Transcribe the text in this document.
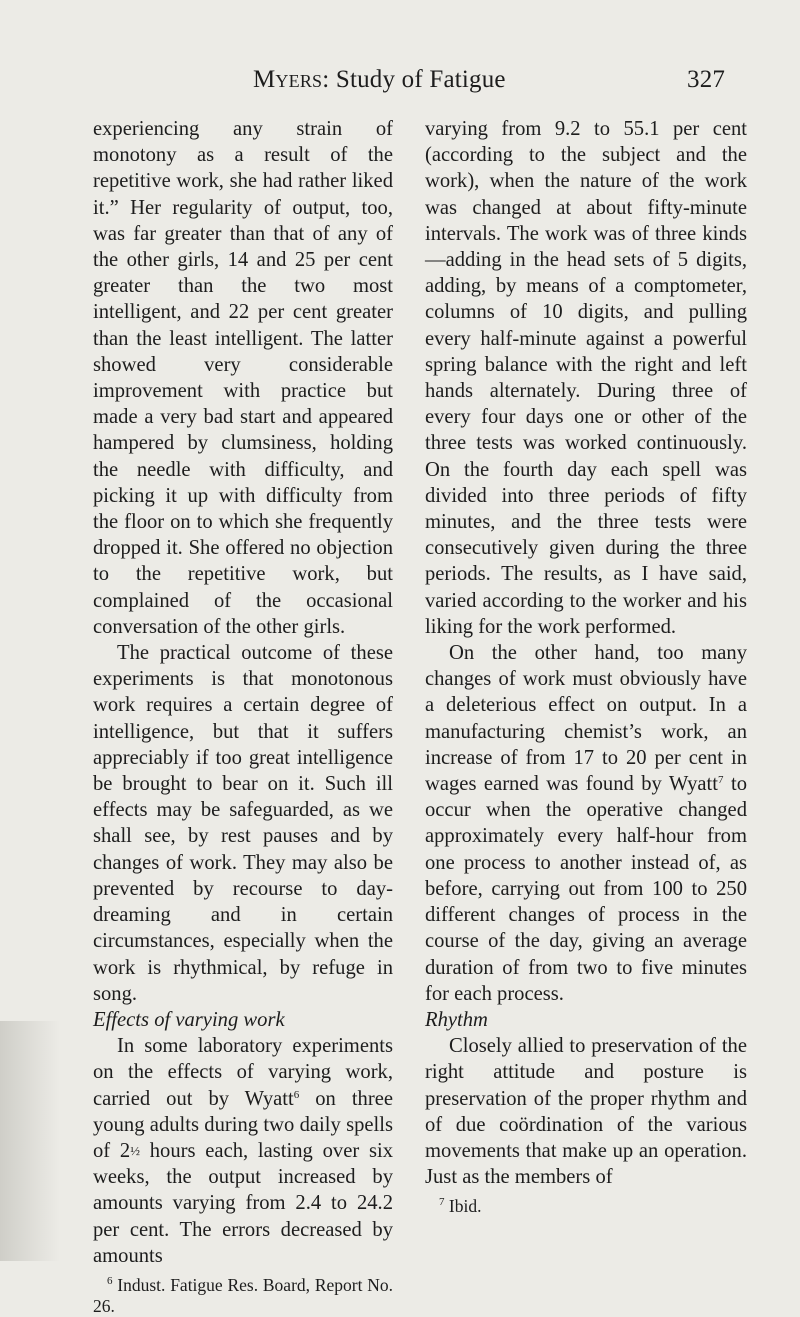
Myers: Study of Fatigue	327

experiencing any strain of monotony as a result of the repetitive work, she had rather liked it.” Her regularity of output, too, was far greater than that of any of the other girls, 14 and 25 per cent greater than the two most intelligent, and 22 per cent greater than the least intelligent. The latter showed very considerable improvement with practice but made a very bad start and appeared hampered by clumsiness, holding the needle with difficulty, and picking it up with difficulty from the floor on to which she frequently dropped it. She offered no objection to the repetitive work, but complained of the occasional conversation of the other girls.

The practical outcome of these experiments is that monotonous work requires a certain degree of intelligence, but that it suffers appreciably if too great intelligence be brought to bear on it. Such ill effects may be safeguarded, as we shall see, by rest pauses and by changes of work. They may also be prevented by recourse to day-dreaming and in certain circumstances, especially when the work is rhythmical, by refuge in song.

Effects of varying work

In some laboratory experiments on the effects of varying work, carried out by Wyatt$^6$ on three young adults during two daily spells of 2½ hours each, lasting over six weeks, the output increased by amounts varying from 2.4 to 24.2 per cent. The errors decreased by amounts

$^6$ Indust. Fatigue Res. Board, Report No. 26.

varying from 9.2 to 55.1 per cent (according to the subject and the work), when the nature of the work was changed at about fifty-minute intervals. The work was of three kinds—adding in the head sets of 5 digits, adding, by means of a comptometer, columns of 10 digits, and pulling every half-minute against a powerful spring balance with the right and left hands alternately. During three of every four days one or other of the three tests was worked continuously. On the fourth day each spell was divided into three periods of fifty minutes, and the three tests were consecutively given during the three periods. The results, as I have said, varied according to the worker and his liking for the work performed.

On the other hand, too many changes of work must obviously have a deleterious effect on output. In a manufacturing chemist’s work, an increase of from 17 to 20 per cent in wages earned was found by Wyatt$^7$ to occur when the operative changed approximately every half-hour from one process to another instead of, as before, carrying out from 100 to 250 different changes of process in the course of the day, giving an average duration of from two to five minutes for each process.

Rhythm

Closely allied to preservation of the right attitude and posture is preservation of the proper rhythm and of due coördination of the various movements that make up an operation. Just as the members of

$^7$ Ibid.
